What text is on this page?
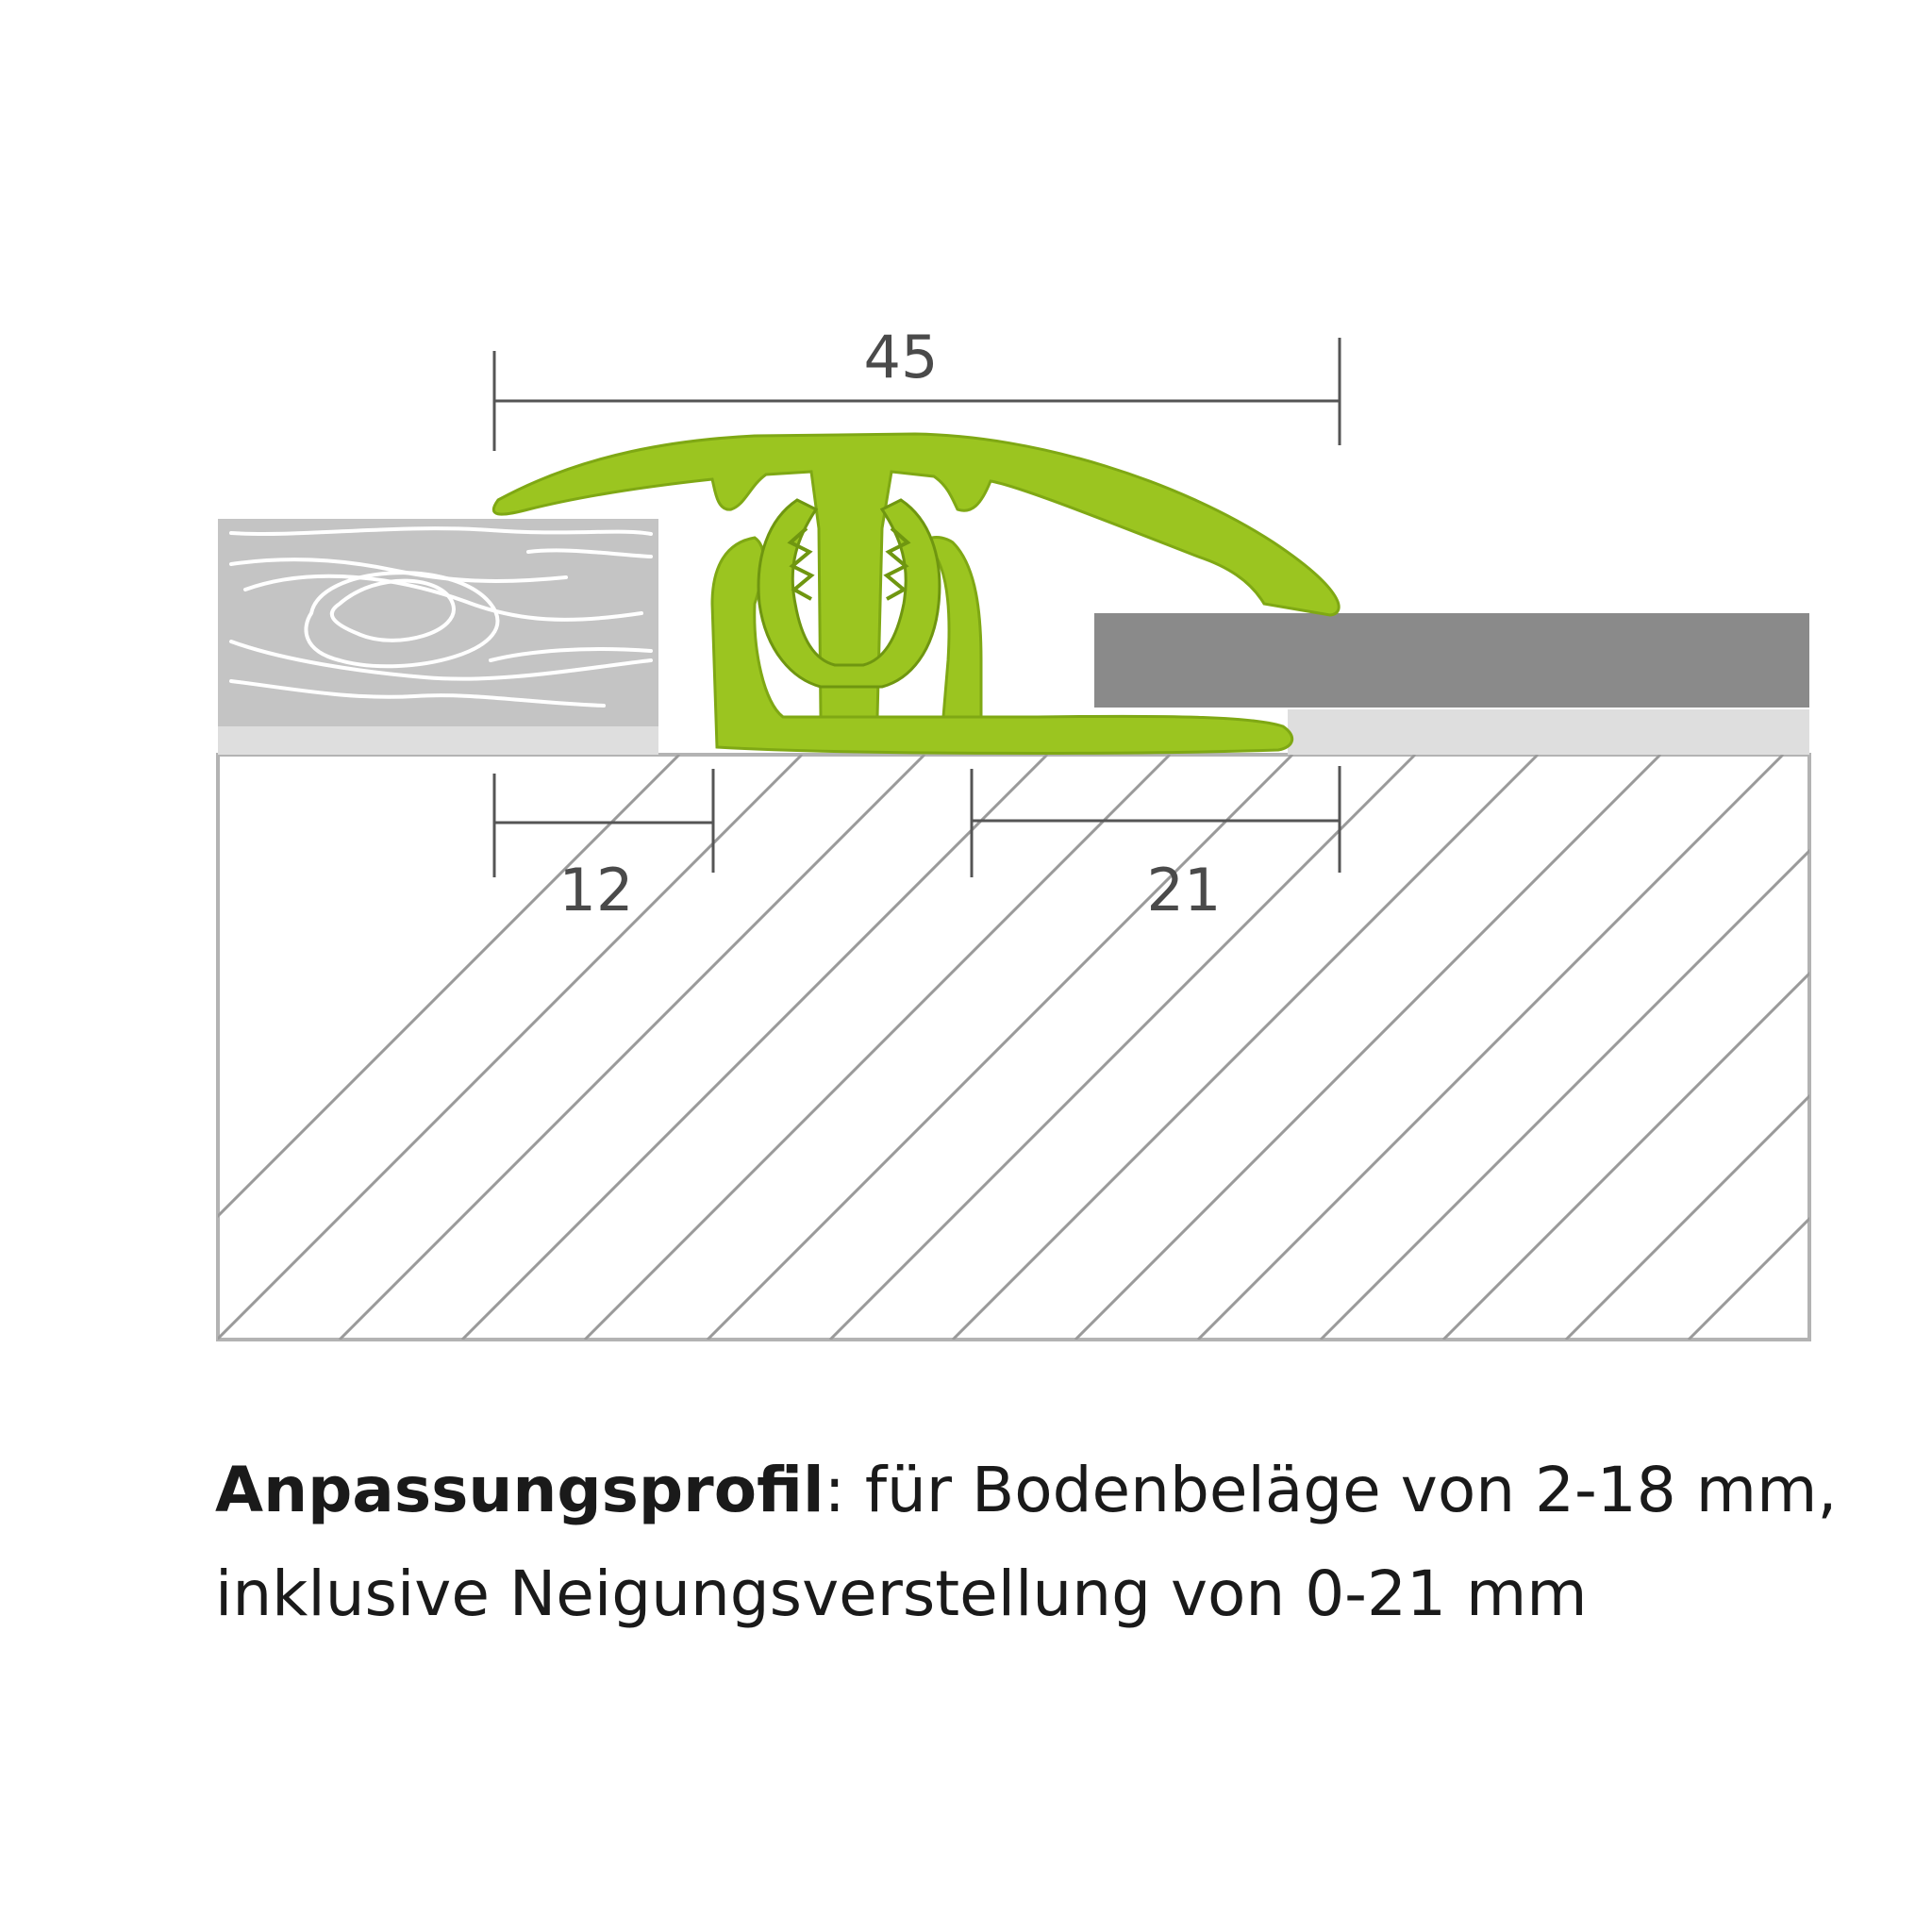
45
12	21
Anpassungsprofil: für Bodenbeläge von 2-18 mm,
inklusive Neigungsverstellung von 0-21 mm
